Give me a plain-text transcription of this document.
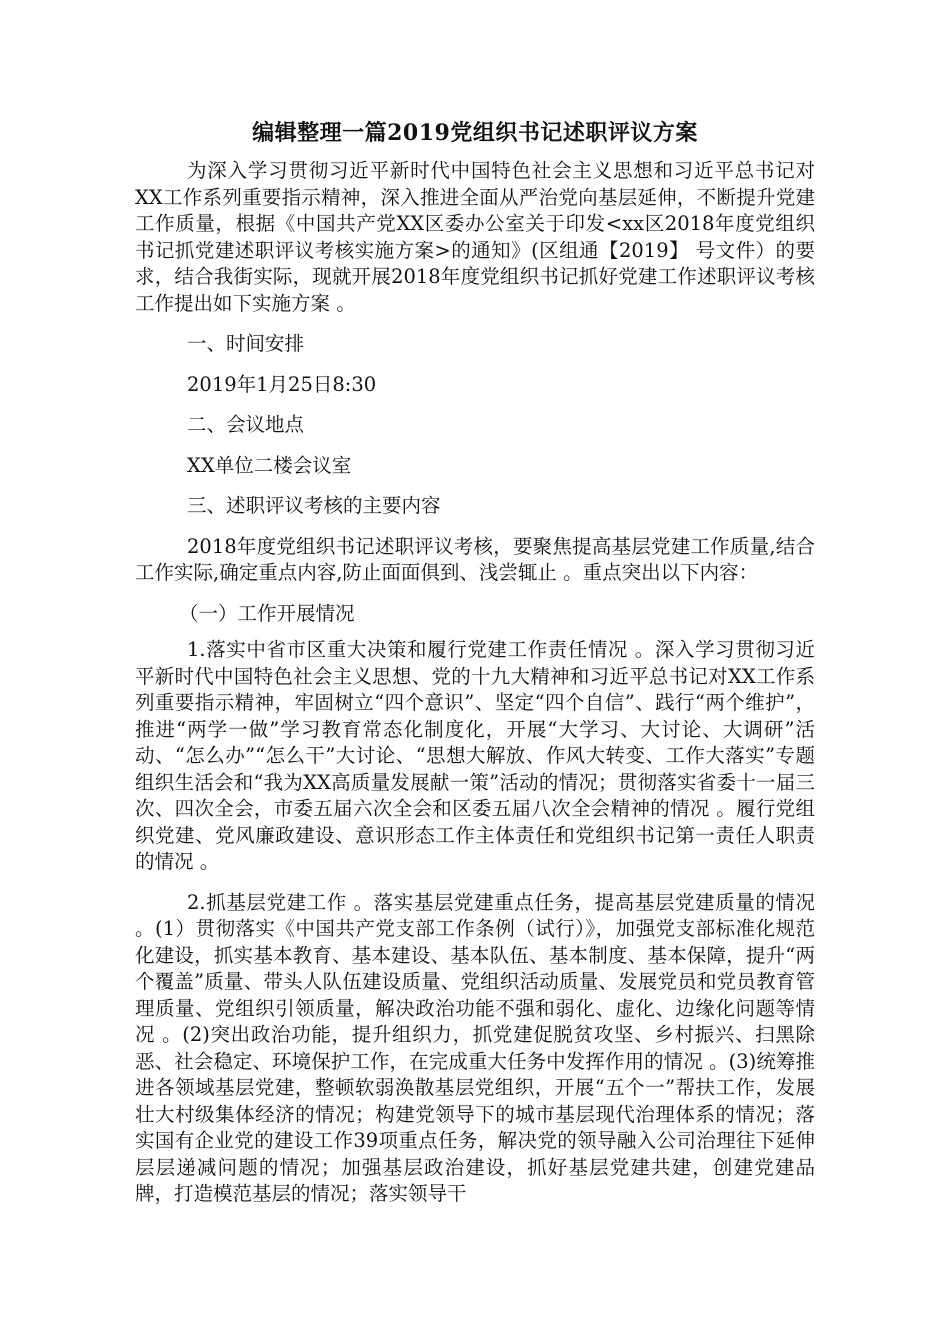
编辑整理一篇2019党组织书记述职评议方案

为深入学习贯彻习近平新时代中国特色社会主义思想和习近平总书记对XX工作系列重要指示精神，深入推进全面从严治党向基层延伸，不断提升党建工作质量，根据《中国共产党XX区委办公室关于印发<xx区2018年度党组织书记抓党建述职评议考核实施方案>的通知》(区组通【2019】 号文件）的要求，结合我街实际，现就开展2018年度党组织书记抓好党建工作述职评议考核工作提出如下实施方案 。

一、时间安排

2019年1月25日8:30

二、会议地点

XX单位二楼会议室

三、述职评议考核的主要内容

2018年度党组织书记述职评议考核，要聚焦提高基层党建工作质量,结合工作实际,确定重点内容,防止面面俱到、浅尝辄止 。重点突出以下内容：

（一）工作开展情况

1.落实中省市区重大决策和履行党建工作责任情况 。深入学习贯彻习近平新时代中国特色社会主义思想、党的十九大精神和习近平总书记对XX工作系列重要指示精神，牢固树立“四个意识”、坚定“四个自信”、践行“两个维护”，推进“两学一做”学习教育常态化制度化，开展“大学习、大讨论、大调研”活动、“怎么办”“怎么干”大讨论、“思想大解放、作风大转变、工作大落实”专题组织生活会和“我为XX高质量发展献一策”活动的情况；贯彻落实省委十一届三次、四次全会，市委五届六次全会和区委五届八次全会精神的情况 。履行党组织党建、党风廉政建设、意识形态工作主体责任和党组织书记第一责任人职责的情况 。

2.抓基层党建工作 。落实基层党建重点任务，提高基层党建质量的情况 。(1）贯彻落实《中国共产党支部工作条例（试行）》，加强党支部标准化规范化建设，抓实基本教育、基本建设、基本队伍、基本制度、基本保障，提升“两个覆盖”质量、带头人队伍建设质量、党组织活动质量、发展党员和党员教育管理质量、党组织引领质量，解决政治功能不强和弱化、虚化、边缘化问题等情况 。(2)突出政治功能，提升组织力，抓党建促脱贫攻坚、乡村振兴、扫黑除恶、社会稳定、环境保护工作，在完成重大任务中发挥作用的情况 。(3)统筹推进各领域基层党建，整顿软弱涣散基层党组织，开展“五个一”帮扶工作，发展壮大村级集体经济的情况；构建党领导下的城市基层现代治理体系的情况；落实国有企业党的建设工作39项重点任务，解决党的领导融入公司治理往下延伸层层递减问题的情况；加强基层政治建设，抓好基层党建共建，创建党建品牌，打造模范基层的情况；落实领导干
